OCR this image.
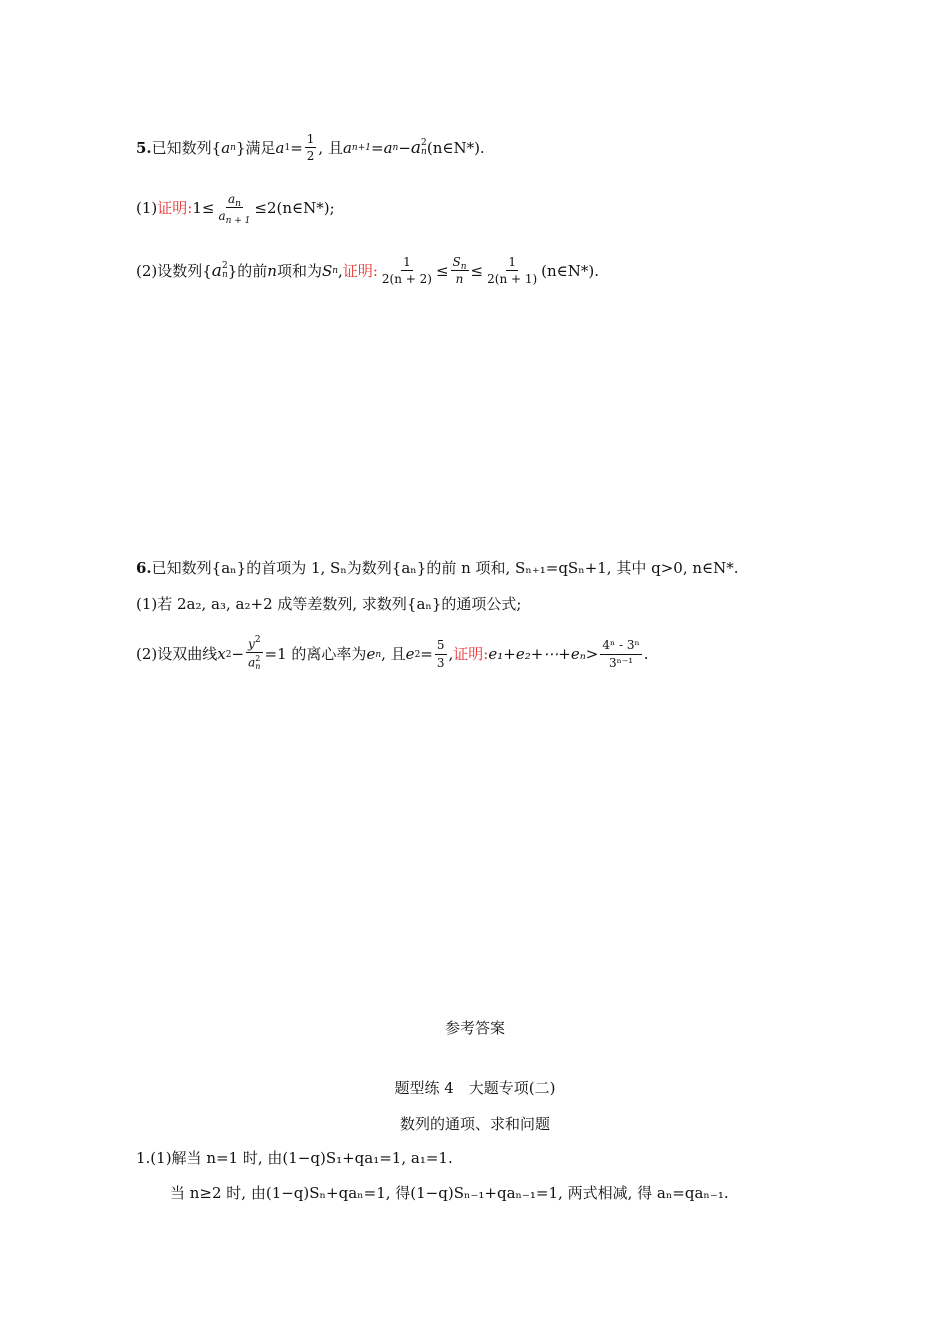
5. 已知数列{ a n }满足 a $1 = \frac{1}{2}$ , 且 a n+1 = a n − a 2
n (n∈N*).
(1) 证明: $1\le \frac{a_n}{a_{n + 1}}$ ≤2(n∈N*);
(2) 设数列{ a 2
n }的前 n 项和为 S n , 证明: $\frac{1}{2(n + 2)} \le \frac{S_n}{n} \le \frac{1}{2(n + 1)}$ (n∈N*).
6. 已知数列{aₙ}的首项为 1, Sₙ为数列{aₙ}的前 n 项和, Sₙ₊₁=qSₙ+1, 其中 q>0, n∈N*.
(1)若 2a₂, a₃, a₂+2 成等差数列, 求数列{aₙ}的通项公式;
(2)设双曲线 x $2 - y^2$
a 2
n =1 的离心率为 e n , 且 e $2 = \frac{5}{3}$ , 证明: e₁+e₂+⋯+eₙ> $\frac{\text{4ⁿ - 3ⁿ}}{\text{3ⁿ⁻¹}}$ .
参考答案
题型练 4　大题专项(二)
数列的通项、求和问题
1.(1)解当 n=1 时, 由(1−q)S₁+qa₁=1, a₁=1.
当 n≥2 时, 由(1−q)Sₙ+qaₙ=1, 得(1−q)Sₙ₋₁+qaₙ₋₁=1, 两式相减, 得 aₙ=qaₙ₋₁.
